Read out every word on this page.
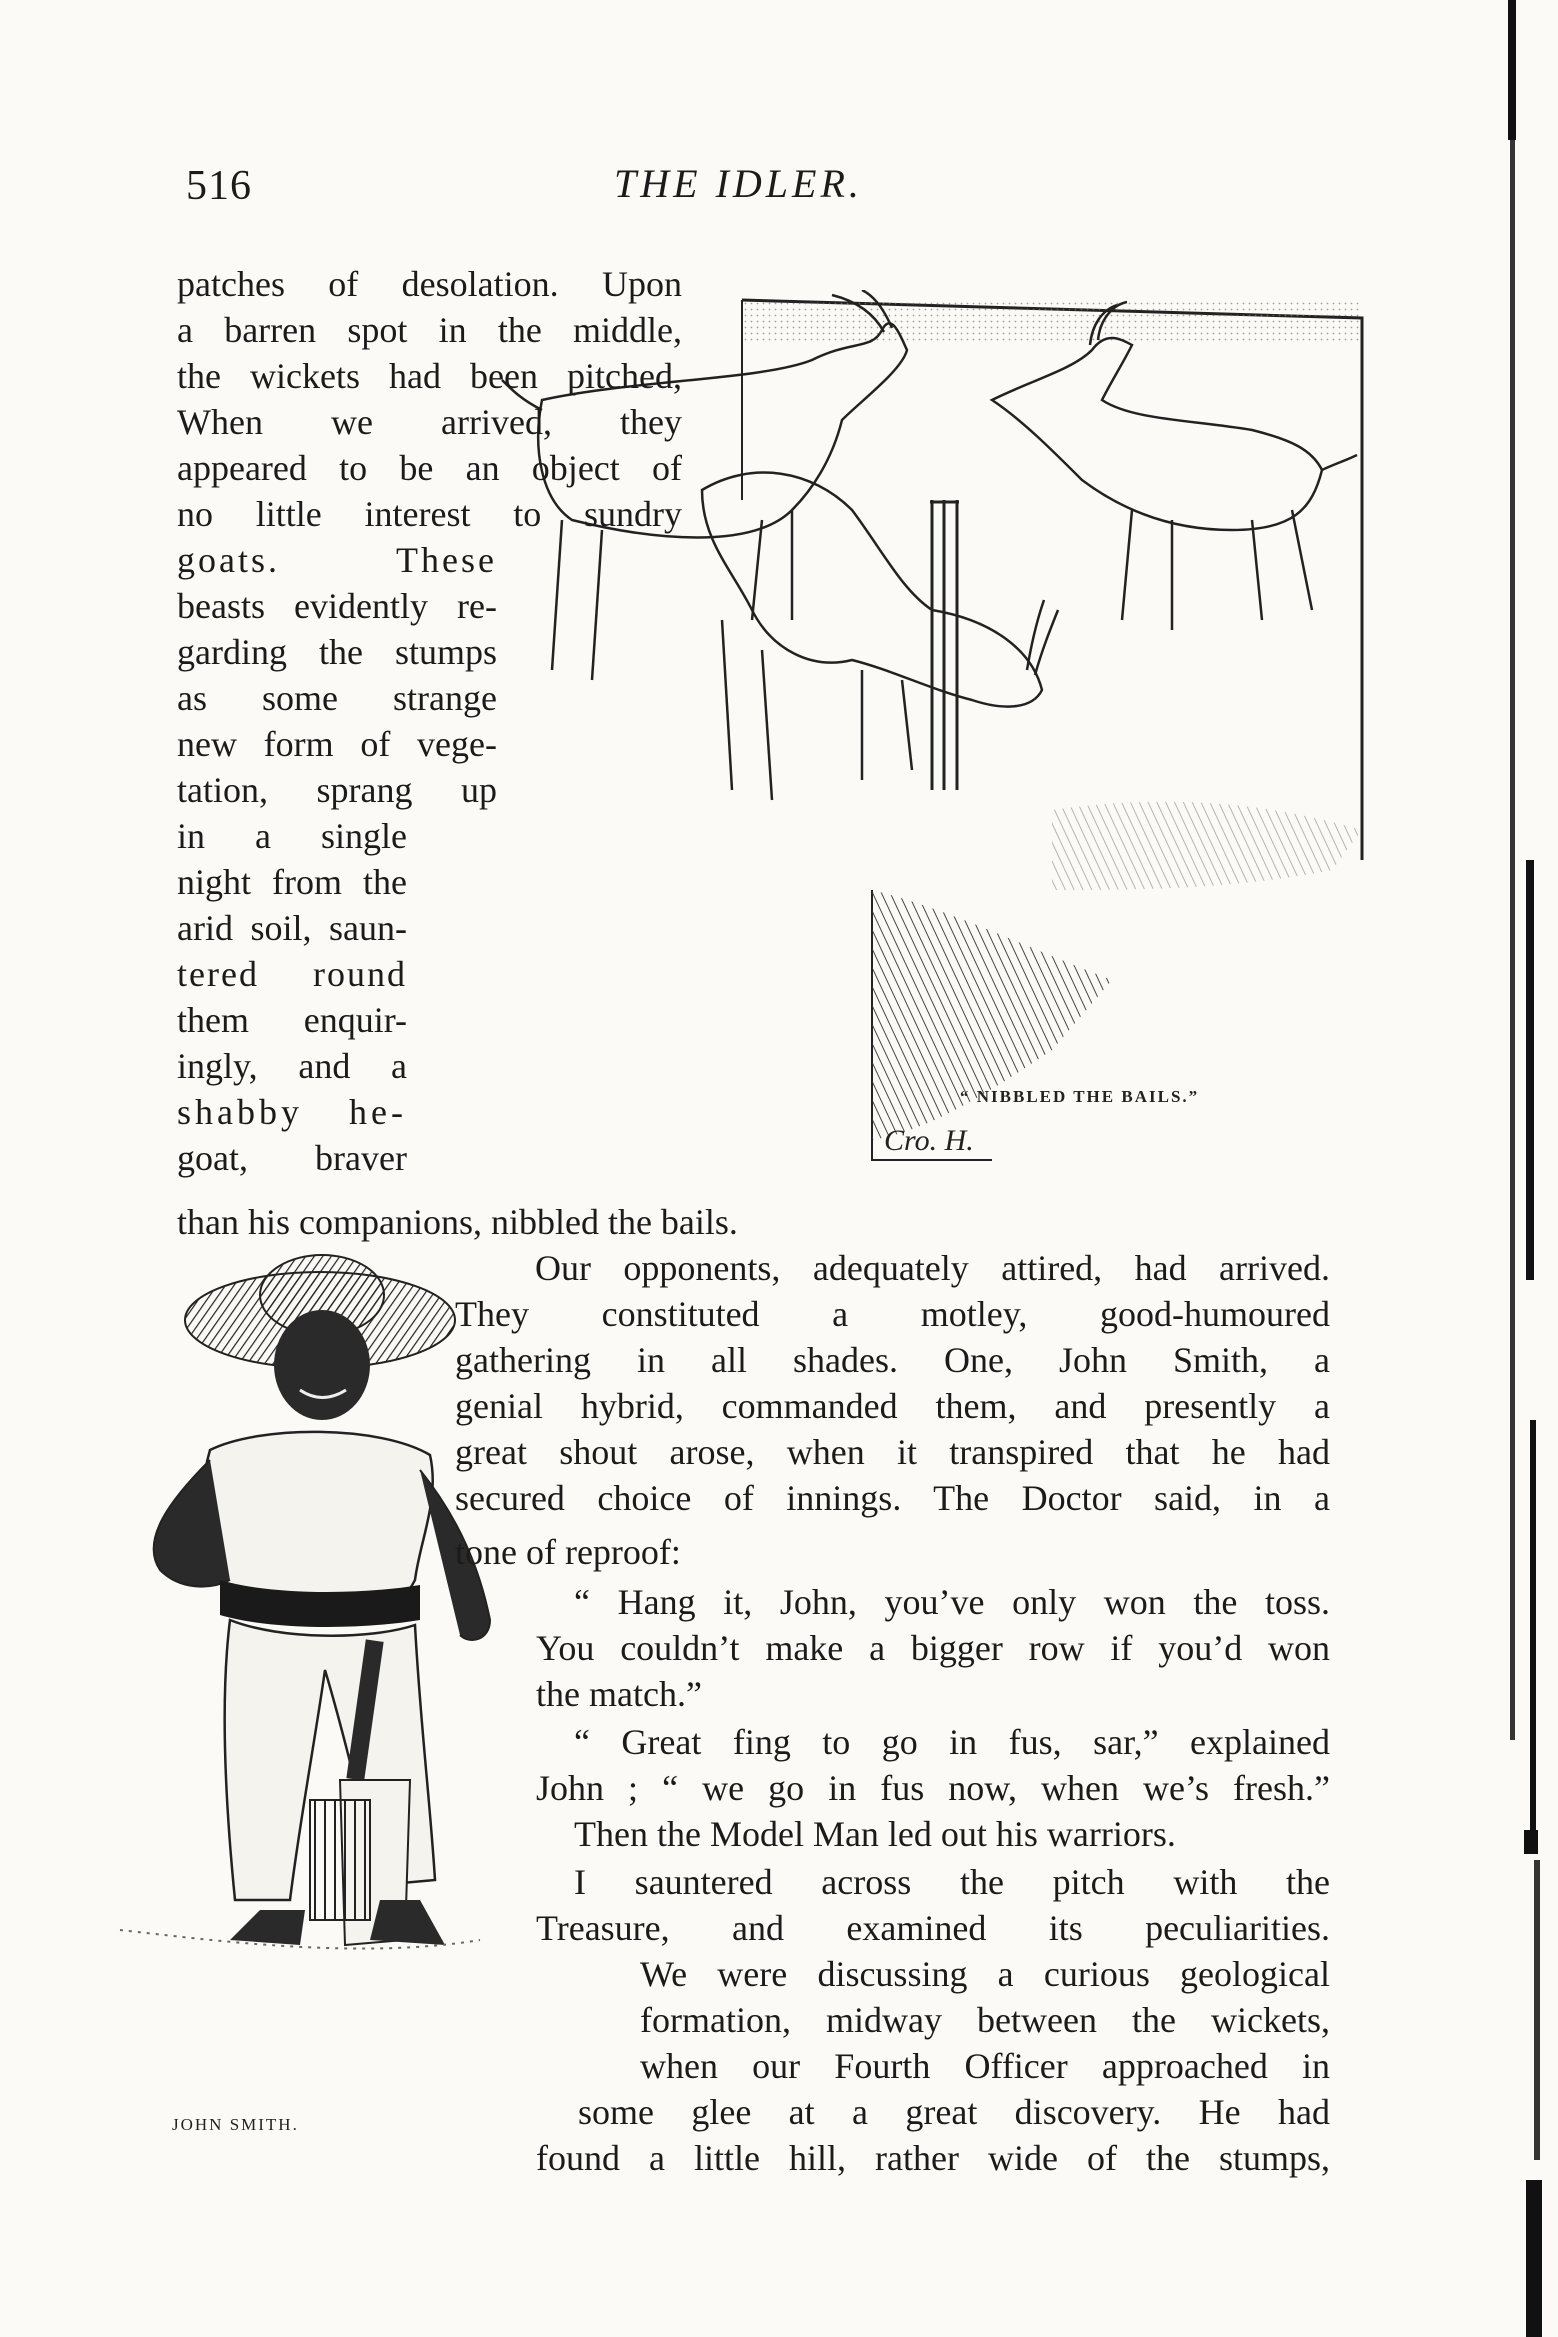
516	THE IDLER.
Cro. H.
“ NIBBLED THE BAILS.”
JOHN SMITH.
patches of desolation. Upon
a barren spot in the middle,
the wickets had been pitched,
When we arrived, they
appeared to be an object of
no little interest to sundry
goats. These
beasts evidently re-
garding the stumps
as some strange
new form of vege-
tation, sprang up
in a single
night from the
arid soil, saun-
tered round
them enquir-
ingly, and a
shabby he-
goat, braver
than his companions, nibbled the bails.
Our opponents, adequately attired, had arrived.
They constituted a motley, good-humoured
gathering in all shades. One, John Smith, a
genial hybrid, commanded them, and presently a
great shout arose, when it transpired that he had
secured choice of innings. The Doctor said, in a
tone of reproof:
“ Hang it, John, you’ve only won the toss.
You couldn’t make a bigger row if you’d won
the match.”
“ Great fing to go in fus, sar,” explained
John ; “ we go in fus now, when we’s fresh.”
Then the Model Man led out his warriors.
I sauntered across the pitch with the
Treasure, and examined its peculiarities.
We were discussing a curious geological
formation, midway between the wickets,
when our Fourth Officer approached in
some glee at a great discovery. He had
found a little hill, rather wide of the stumps,
